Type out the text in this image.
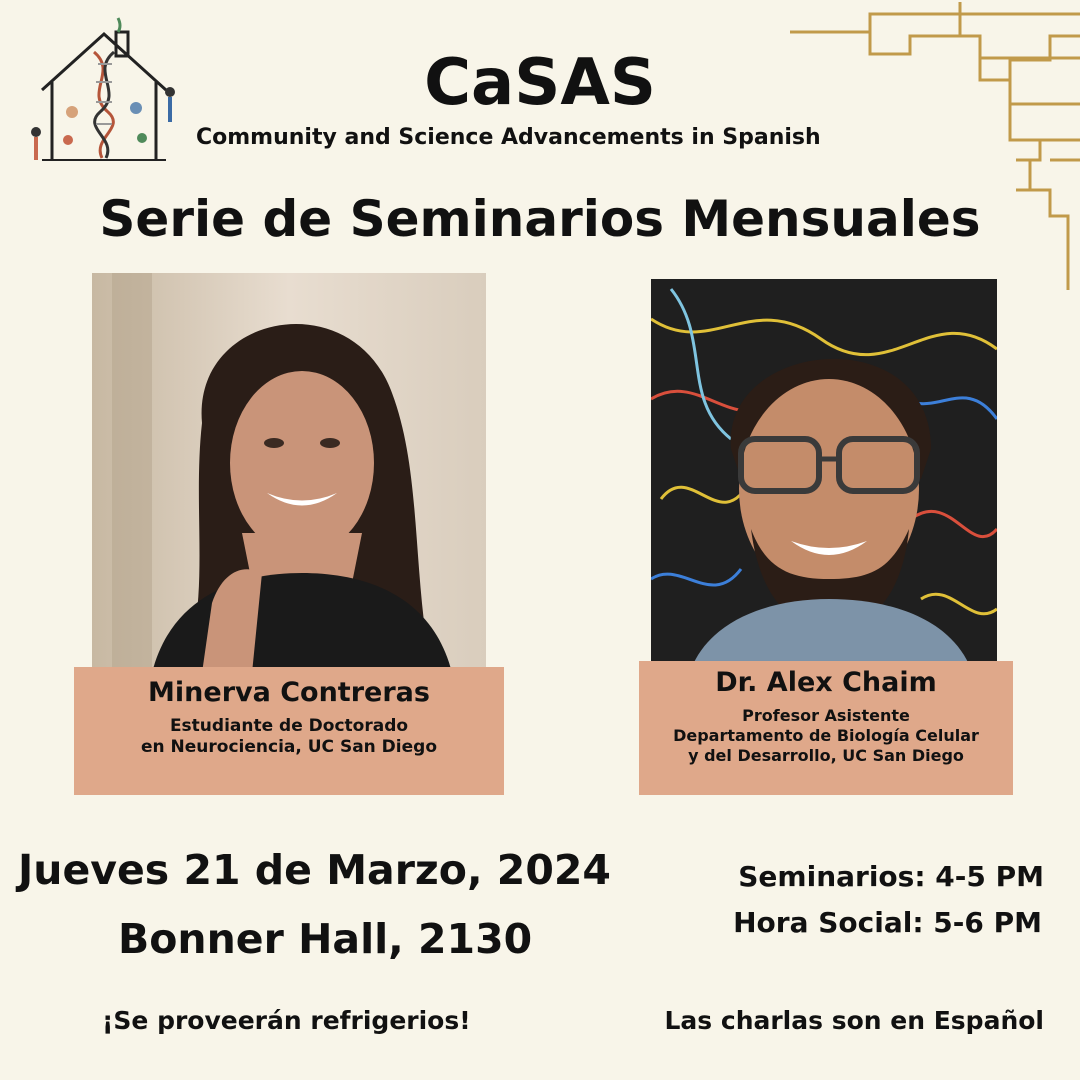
CaSAS
Community and Science Advancements in Spanish
Serie de Seminarios Mensuales
Minerva Contreras
Estudiante de Doctorado
en Neurociencia, UC San Diego
Dr. Alex Chaim
Profesor Asistente
Departamento de Biología Celular
y del Desarrollo, UC San Diego
Jueves 21 de Marzo, 2024
Bonner Hall, 2130
Seminarios: 4-5 PM
Hora Social: 5-6 PM
¡Se proveerán refrigerios!	Las charlas son en Español
